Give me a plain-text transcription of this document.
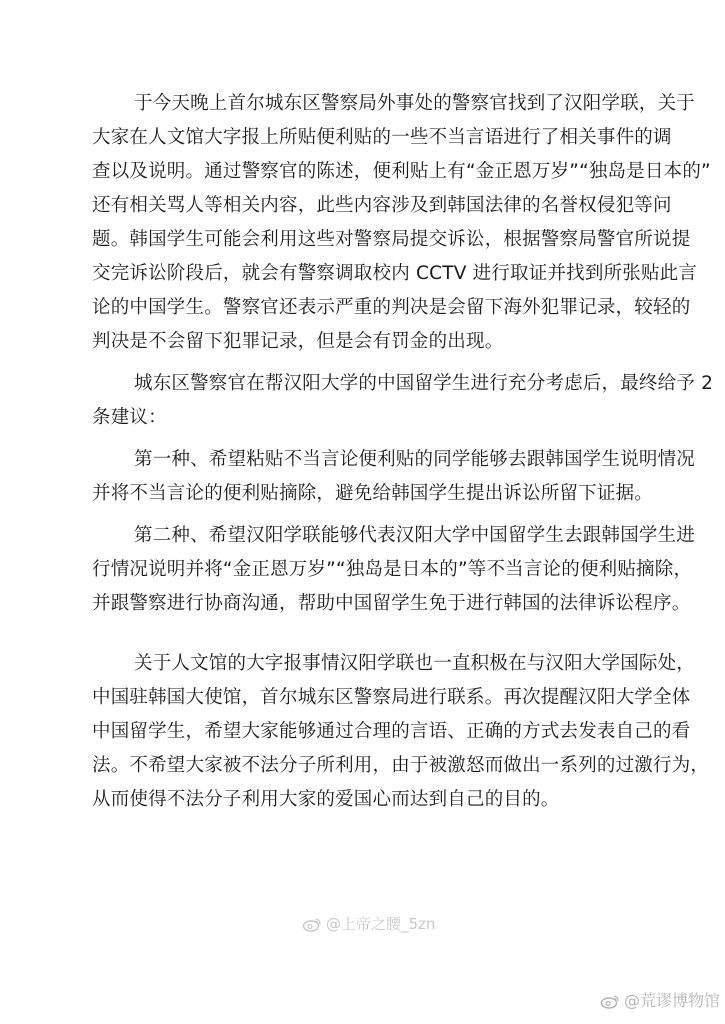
于今天晚上首尔城东区警察局外事处的警察官找到了汉阳学联，关于
大家在人文馆大字报上所贴便利贴的一些不当言语进行了相关事件的调
查以及说明。通过警察官的陈述，便利贴上有“金正恩万岁”“独岛是日本的”
还有相关骂人等相关内容，此些内容涉及到韩国法律的名誉权侵犯等问
题。韩国学生可能会利用这些对警察局提交诉讼，根据警察局警官所说提
交完诉讼阶段后，就会有警察调取校内 CCTV 进行取证并找到所张贴此言
论的中国学生。警察官还表示严重的判决是会留下海外犯罪记录，较轻的
判决是不会留下犯罪记录，但是会有罚金的出现。
城东区警察官在帮汉阳大学的中国留学生进行充分考虑后，最终给予 2
条建议：
第一种、希望粘贴不当言论便利贴的同学能够去跟韩国学生说明情况
并将不当言论的便利贴摘除，避免给韩国学生提出诉讼所留下证据。
第二种、希望汉阳学联能够代表汉阳大学中国留学生去跟韩国学生进
行情况说明并将“金正恩万岁”“独岛是日本的”等不当言论的便利贴摘除，
并跟警察进行协商沟通，帮助中国留学生免于进行韩国的法律诉讼程序。
关于人文馆的大字报事情汉阳学联也一直积极在与汉阳大学国际处，
中国驻韩国大使馆，首尔城东区警察局进行联系。再次提醒汉阳大学全体
中国留学生，希望大家能够通过合理的言语、正确的方式去发表自己的看
法。不希望大家被不法分子所利用，由于被激怒而做出一系列的过激行为，
从而使得不法分子利用大家的爱国心而达到自己的目的。
@上帝之腰_5zn
@荒谬博物馆
